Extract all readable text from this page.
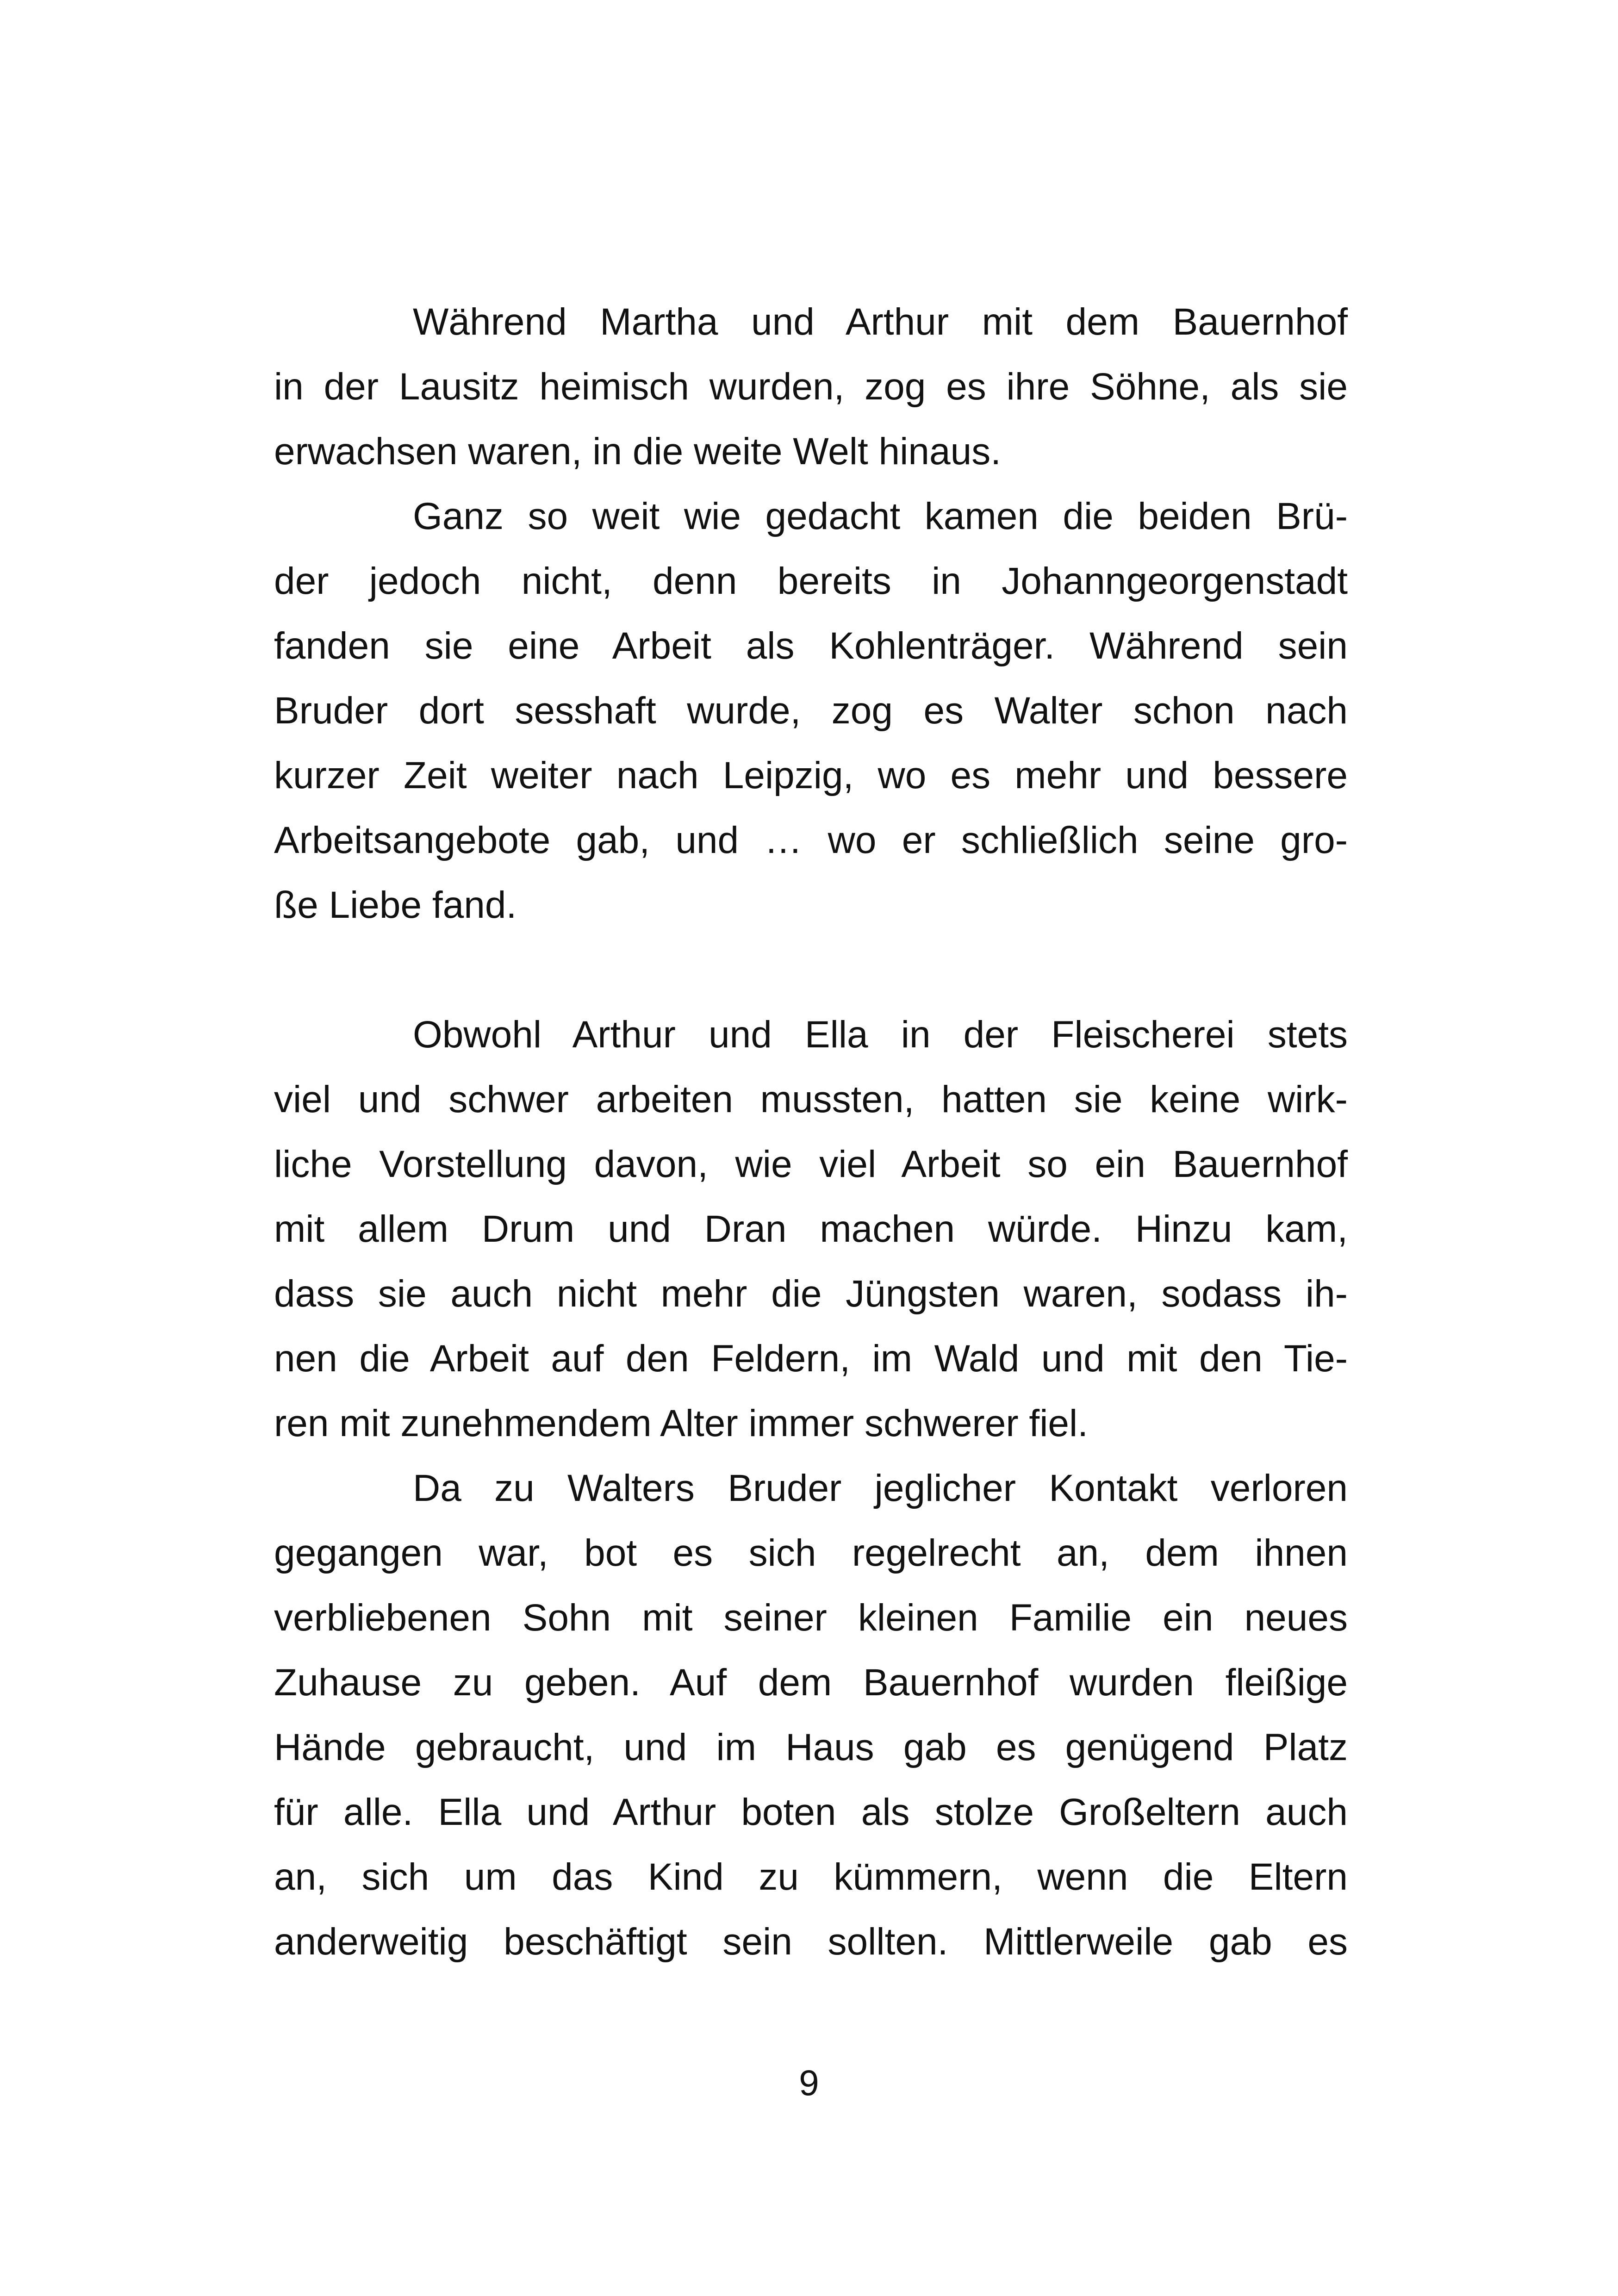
Während Martha und Arthur mit dem Bauernhof
in der Lausitz heimisch wurden, zog es ihre Söhne, als sie
erwachsen waren, in die weite Welt hinaus.
Ganz so weit wie gedacht kamen die beiden Brü-
der jedoch nicht, denn bereits in Johanngeorgenstadt
fanden sie eine Arbeit als Kohlenträger. Während sein
Bruder dort sesshaft wurde, zog es Walter schon nach
kurzer Zeit weiter nach Leipzig, wo es mehr und bessere
Arbeitsangebote gab, und … wo er schließlich seine gro-
ße Liebe fand.
Obwohl Arthur und Ella in der Fleischerei stets
viel und schwer arbeiten mussten, hatten sie keine wirk-
liche Vorstellung davon, wie viel Arbeit so ein Bauernhof
mit allem Drum und Dran machen würde. Hinzu kam,
dass sie auch nicht mehr die Jüngsten waren, sodass ih-
nen die Arbeit auf den Feldern, im Wald und mit den Tie-
ren mit zunehmendem Alter immer schwerer fiel.
Da zu Walters Bruder jeglicher Kontakt verloren
gegangen war, bot es sich regelrecht an, dem ihnen
verbliebenen Sohn mit seiner kleinen Familie ein neues
Zuhause zu geben. Auf dem Bauernhof wurden fleißige
Hände gebraucht, und im Haus gab es genügend Platz
für alle. Ella und Arthur boten als stolze Großeltern auch
an, sich um das Kind zu kümmern, wenn die Eltern
anderweitig beschäftigt sein sollten. Mittlerweile gab es
9
